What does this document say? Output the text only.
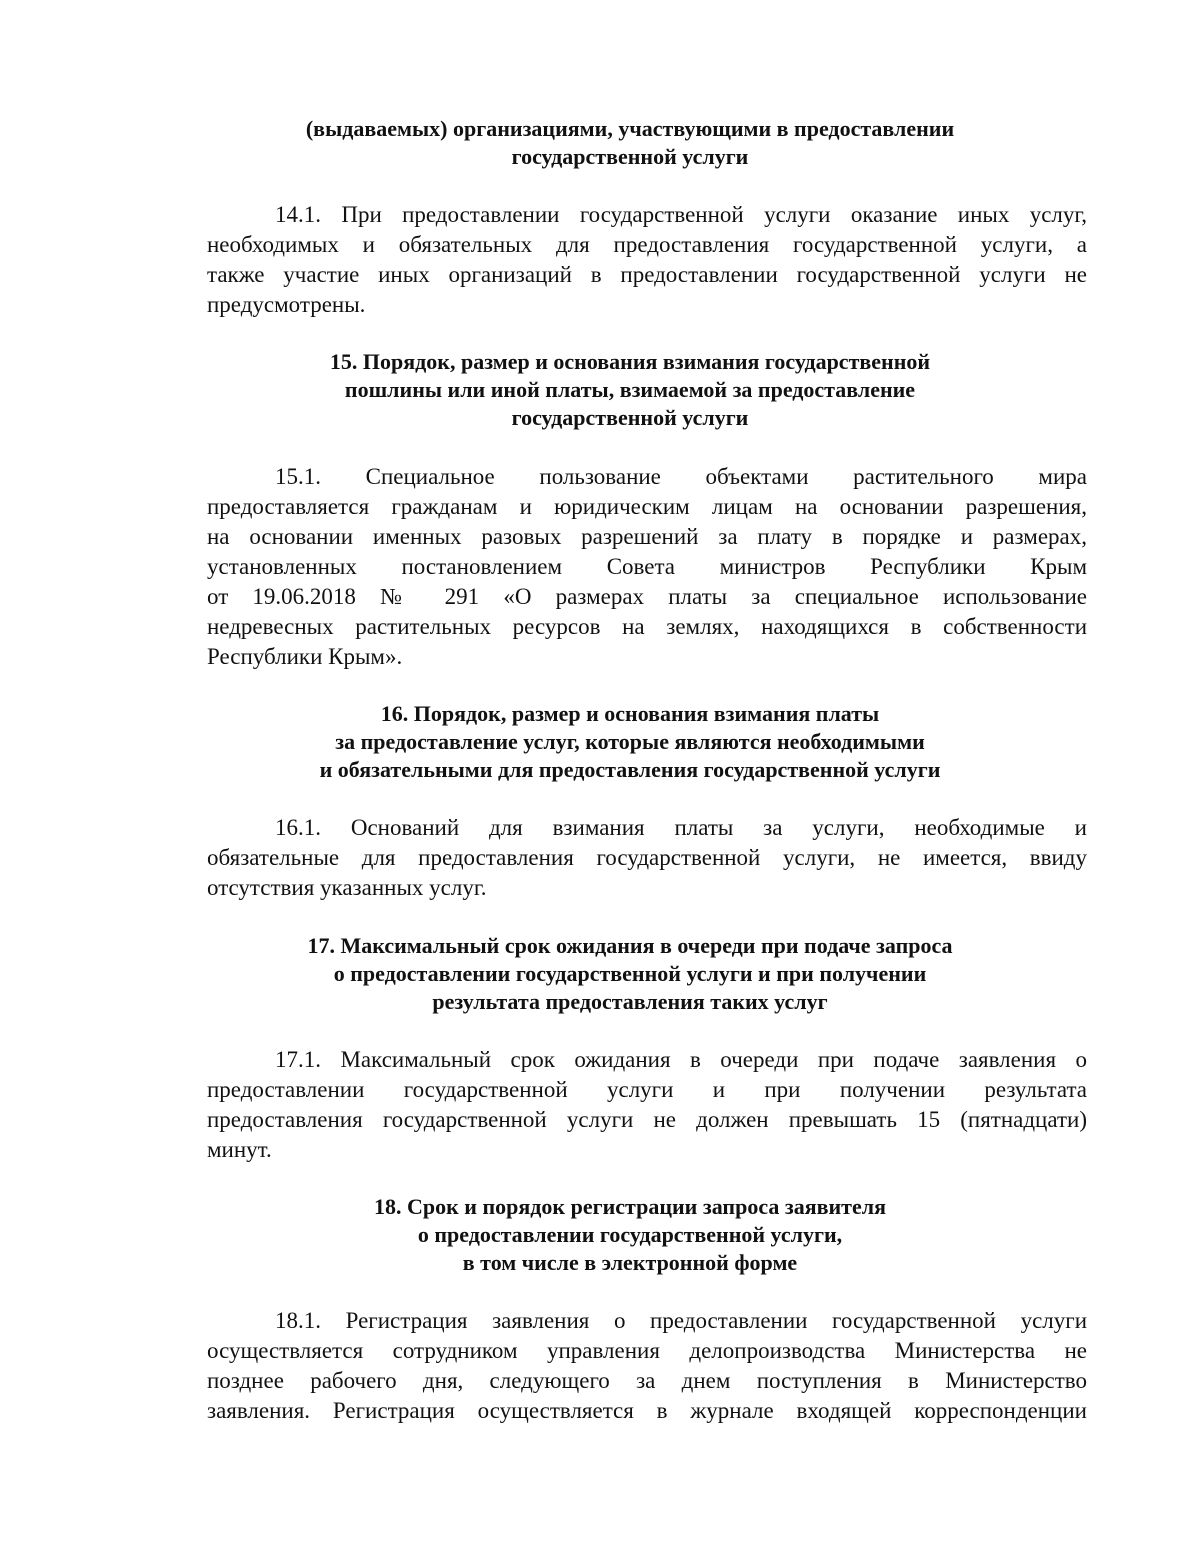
(выдаваемых) организациями, участвующими в предоставлении
государственной услуги
14.1. При предоставлении государственной услуги оказание иных услуг,
необходимых и обязательных для предоставления государственной услуги, а
также участие иных организаций в предоставлении государственной услуги не
предусмотрены.
15. Порядок, размер и основания взимания государственной
пошлины или иной платы, взимаемой за предоставление
государственной услуги
15.1. Специальное пользование объектами растительного мира
предоставляется гражданам и юридическим лицам на основании разрешения,
на основании именных разовых разрешений за плату в порядке и размерах,
установленных постановлением Совета министров Республики Крым
от 19.06.2018 № 291 «О размерах платы за специальное использование
недревесных растительных ресурсов на землях, находящихся в собственности
Республики Крым».
16. Порядок, размер и основания взимания платы
за предоставление услуг, которые являются необходимыми
и обязательными для предоставления государственной услуги
16.1. Оснований для взимания платы за услуги, необходимые и
обязательные для предоставления государственной услуги, не имеется, ввиду
отсутствия указанных услуг.
17. Максимальный срок ожидания в очереди при подаче запроса
о предоставлении государственной услуги и при получении
результата предоставления таких услуг
17.1. Максимальный срок ожидания в очереди при подаче заявления о
предоставлении государственной услуги и при получении результата
предоставления государственной услуги не должен превышать 15 (пятнадцати)
минут.
18. Срок и порядок регистрации запроса заявителя
о предоставлении государственной услуги,
в том числе в электронной форме
18.1. Регистрация заявления о предоставлении государственной услуги
осуществляется сотрудником управления делопроизводства Министерства не
позднее рабочего дня, следующего за днем поступления в Министерство
заявления. Регистрация осуществляется в журнале входящей корреспонденции
